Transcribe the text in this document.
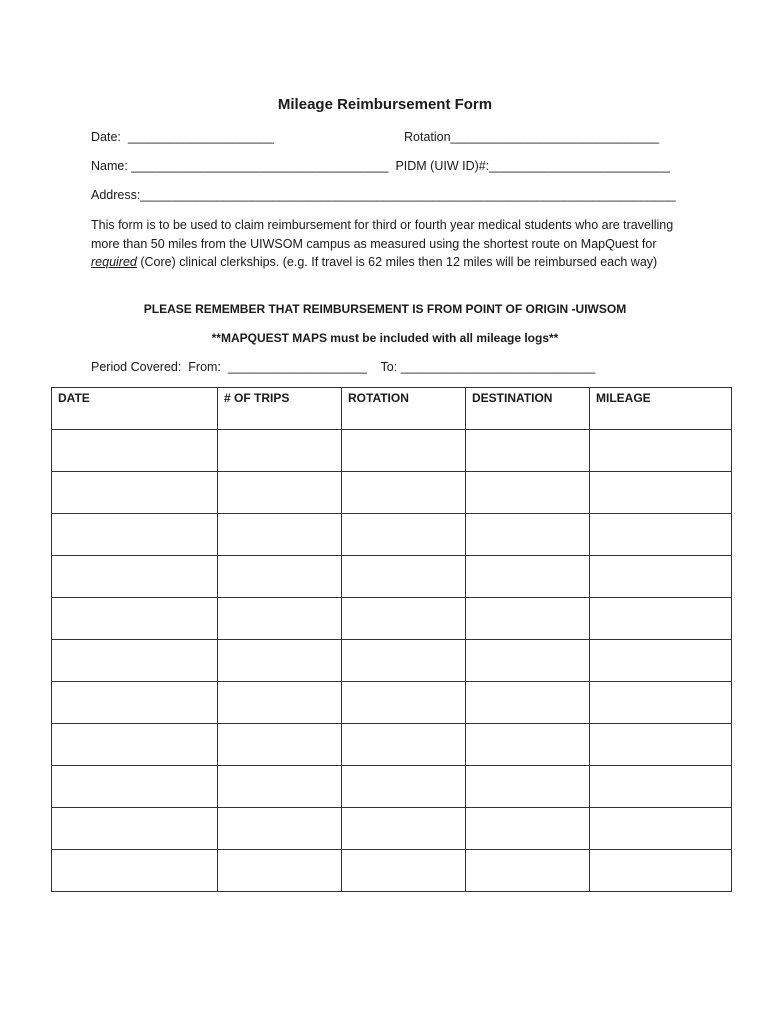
Mileage Reimbursement Form
Date:  _____________________	Rotation______________________________
Name: _____________________________________  PIDM (UIW ID)#:__________________________
Address:_____________________________________________________________________________
This form is to be used to claim reimbursement for third or fourth year medical students who are travelling more than 50 miles from the UIWSOM campus as measured using the shortest route on MapQuest for required (Core) clinical clerkships. (e.g. If travel is 62 miles then 12 miles will be reimbursed each way)
PLEASE REMEMBER THAT REIMBURSEMENT IS FROM POINT OF ORIGIN -UIWSOM
**MAPQUEST MAPS must be included with all mileage logs**
Period Covered:  From:  ____________________    To: ____________________________
DATE	# OF TRIPS	ROTATION	DESTINATION	MILEAGE
